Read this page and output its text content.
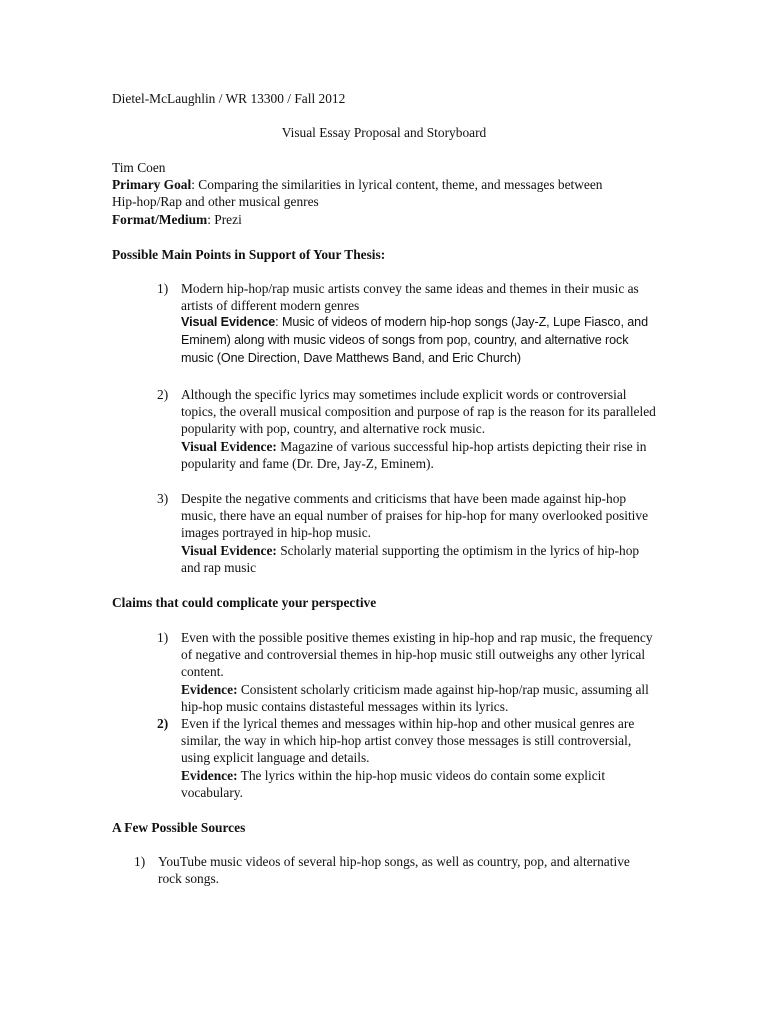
Dietel-McLaughlin / WR 13300 / Fall 2012

Visual Essay Proposal and Storyboard

Tim Coen

Primary Goal: Comparing the similarities in lyrical content, theme, and messages between Hip-hop/Rap and other musical genres

Format/Medium: Prezi

Possible Main Points in Support of Your Thesis:

1) Modern hip-hop/rap music artists convey the same ideas and themes in their music as artists of different modern genres

Visual Evidence: Music of videos of modern hip-hop songs (Jay-Z, Lupe Fiasco, and Eminem) along with music videos of songs from pop, country, and alternative rock music (One Direction, Dave Matthews Band, and Eric Church)

2) Although the specific lyrics may sometimes include explicit words or controversial topics, the overall musical composition and purpose of rap is the reason for its paralleled popularity with pop, country, and alternative rock music.

Visual Evidence: Magazine of various successful hip-hop artists depicting their rise in popularity and fame (Dr. Dre, Jay-Z, Eminem).

3) Despite the negative comments and criticisms that have been made against hip-hop music, there have an equal number of praises for hip-hop for many overlooked positive images portrayed in hip-hop music.

Visual Evidence: Scholarly material supporting the optimism in the lyrics of hip-hop and rap music

Claims that could complicate your perspective

1) Even with the possible positive themes existing in hip-hop and rap music, the frequency of negative and controversial themes in hip-hop music still outweighs any other lyrical content.

Evidence: Consistent scholarly criticism made against hip-hop/rap music, assuming all hip-hop music contains distasteful messages within its lyrics.

2) Even if the lyrical themes and messages within hip-hop and other musical genres are similar, the way in which hip-hop artist convey those messages is still controversial, using explicit language and details.

Evidence: The lyrics within the hip-hop music videos do contain some explicit vocabulary.

A Few Possible Sources

1) YouTube music videos of several hip-hop songs, as well as country, pop, and alternative rock songs.
